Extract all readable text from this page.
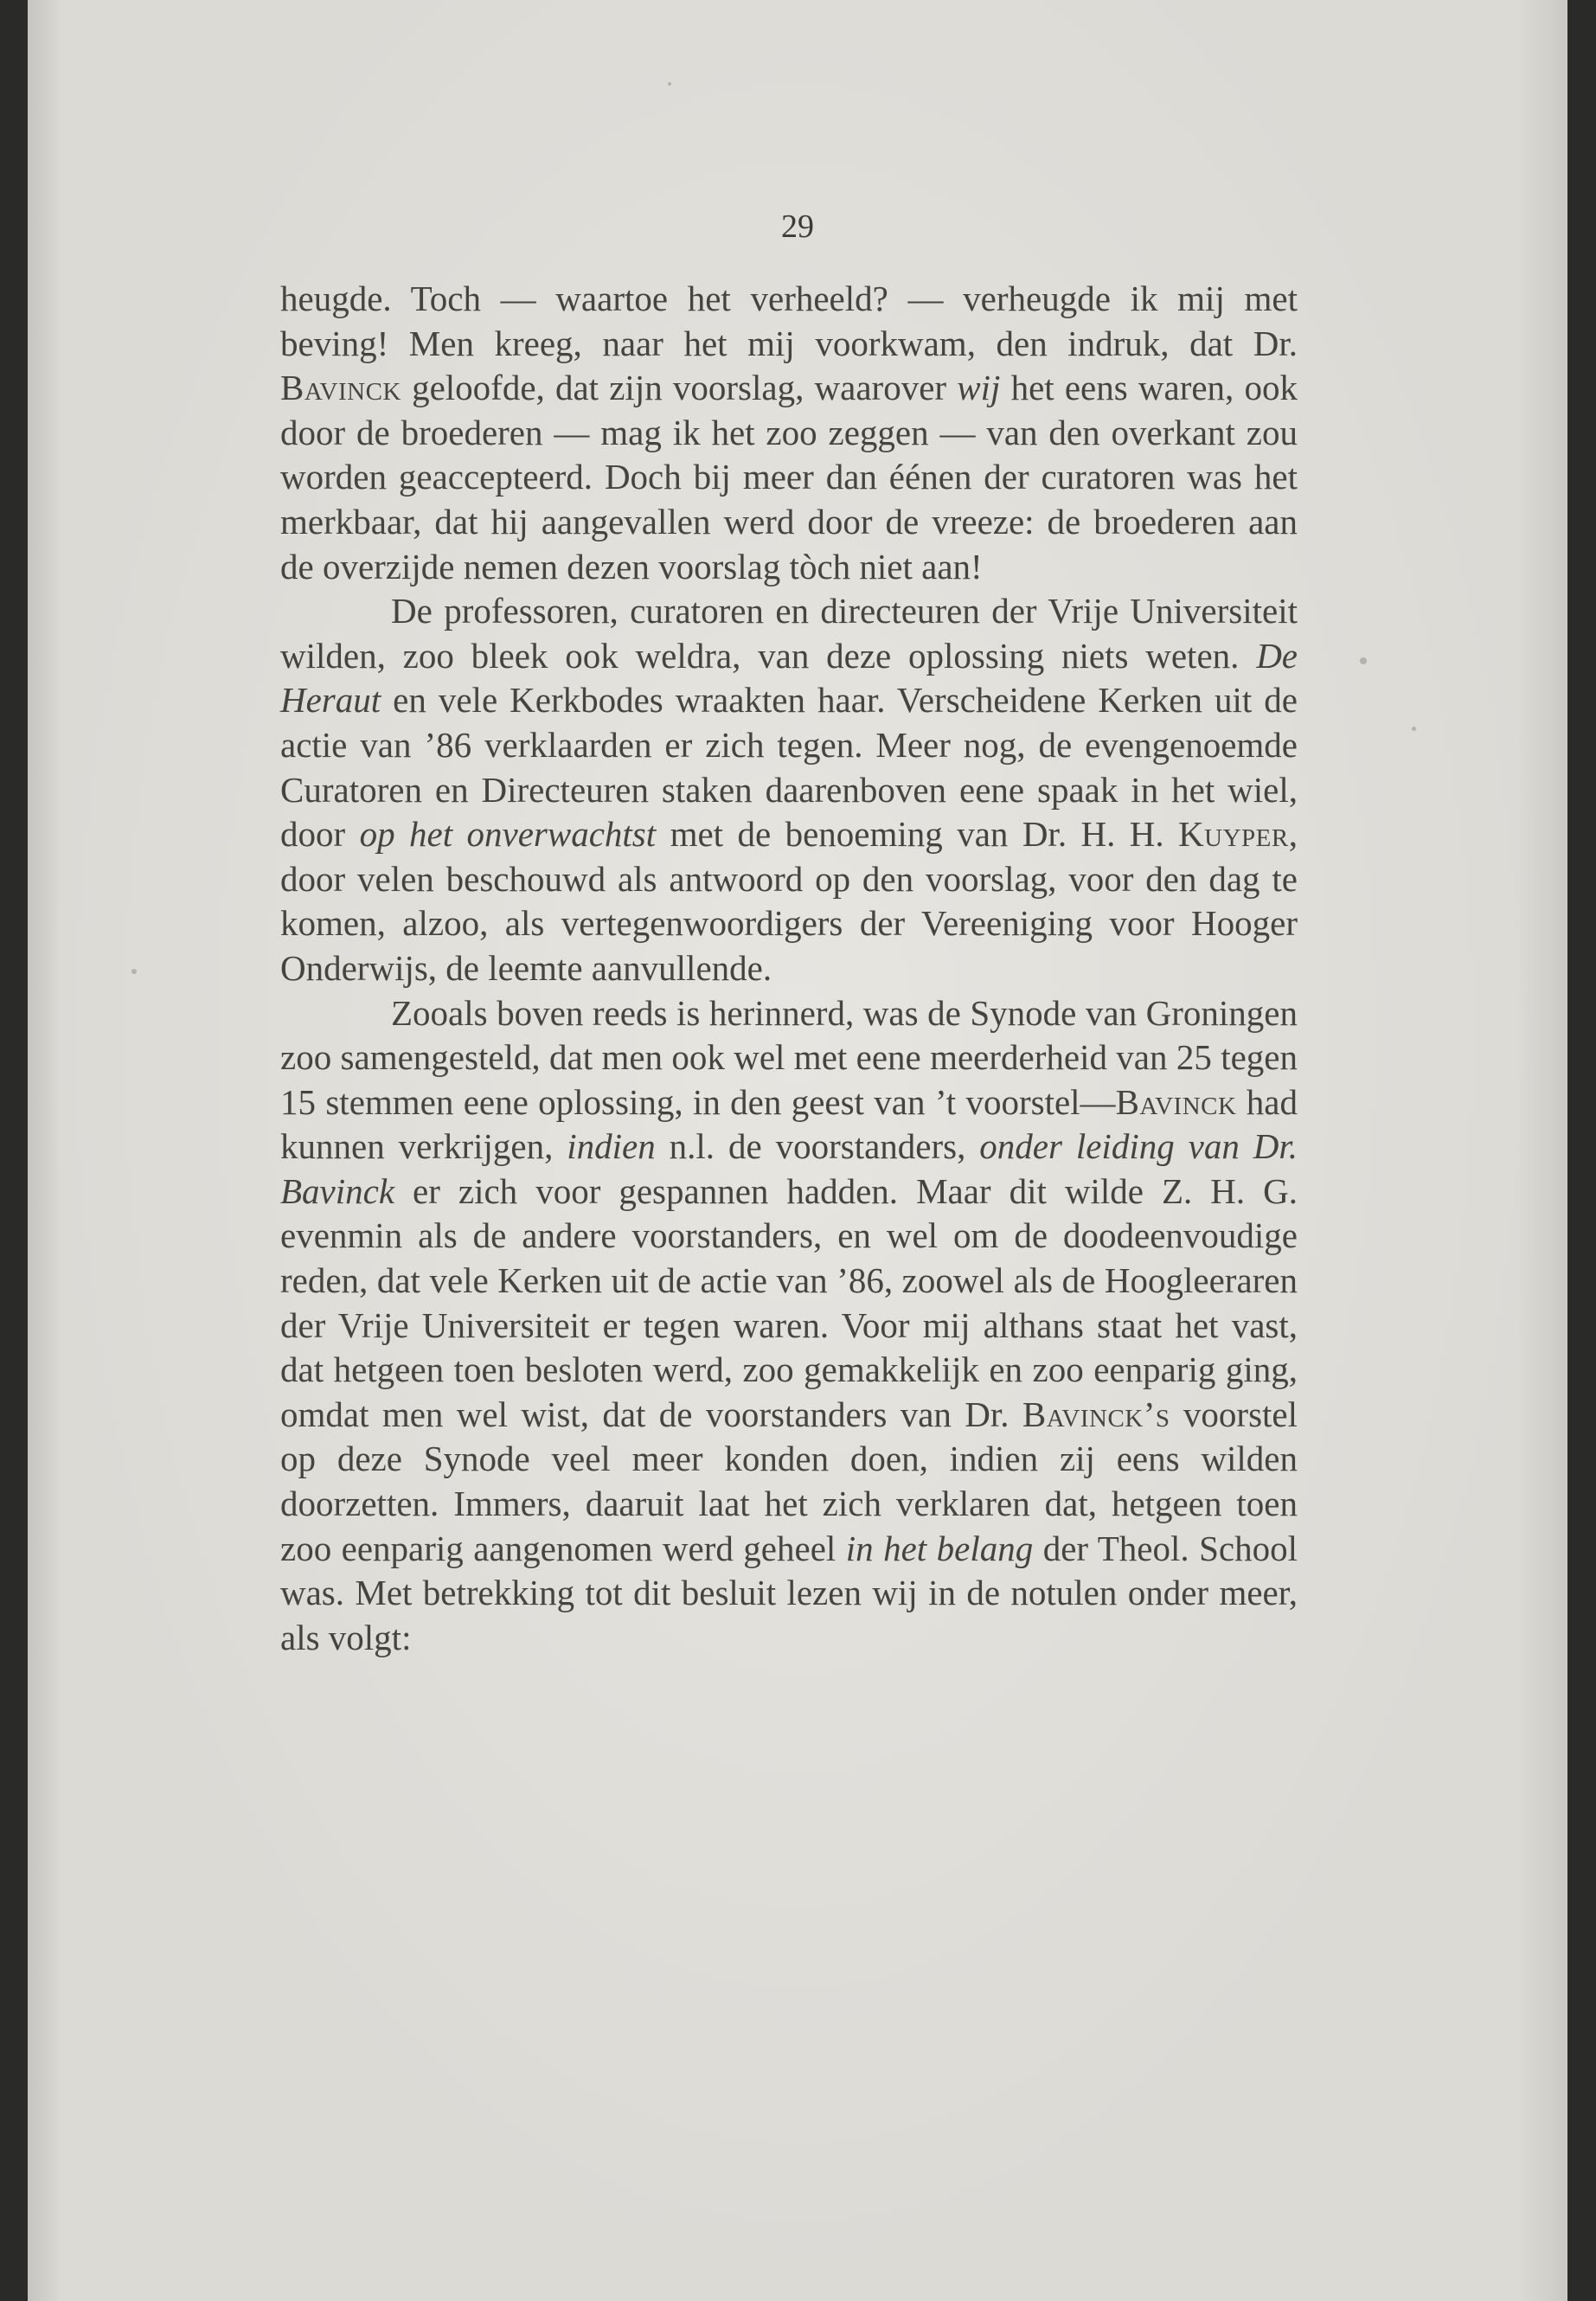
29

heugde. Toch — waartoe het verheeld? — verheugde ik mij met beving! Men kreeg, naar het mij voorkwam, den indruk, dat Dr. Bavinck geloofde, dat zijn voorslag, waarover wij het eens waren, ook door de broederen — mag ik het zoo zeggen — van den overkant zou worden geaccepteerd. Doch bij meer dan éénen der curatoren was het merkbaar, dat hij aangevallen werd door de vreeze: de broederen aan de overzijde nemen dezen voorslag tòch niet aan!

De professoren, curatoren en directeuren der Vrije Universiteit wilden, zoo bleek ook weldra, van deze oplossing niets weten. De Heraut en vele Kerkbodes wraakten haar. Verscheidene Kerken uit de actie van ’86 verklaarden er zich tegen. Meer nog, de evengenoemde Curatoren en Directeuren staken daarenboven eene spaak in het wiel, door op het onverwachtst met de benoeming van Dr. H. H. Kuyper, door velen beschouwd als antwoord op den voorslag, voor den dag te komen, alzoo, als vertegenwoordigers der Vereeniging voor Hooger Onderwijs, de leemte aanvullende.

Zooals boven reeds is herinnerd, was de Synode van Groningen zoo samengesteld, dat men ook wel met eene meerderheid van 25 tegen 15 stemmen eene oplossing, in den geest van ’t voorstel—Bavinck had kunnen verkrijgen, indien n.l. de voorstanders, onder leiding van Dr. Bavinck er zich voor gespannen hadden. Maar dit wilde Z. H. G. evenmin als de andere voorstanders, en wel om de doodeenvoudige reden, dat vele Kerken uit de actie van ’86, zoowel als de Hoogleeraren der Vrije Universiteit er tegen waren. Voor mij althans staat het vast, dat hetgeen toen besloten werd, zoo gemakkelijk en zoo eenparig ging, omdat men wel wist, dat de voorstanders van Dr. Bavinck’s voorstel op deze Synode veel meer konden doen, indien zij eens wilden doorzetten. Immers, daaruit laat het zich verklaren dat, hetgeen toen zoo eenparig aangenomen werd geheel in het belang der Theol. School was. Met betrekking tot dit besluit lezen wij in de notulen onder meer, als volgt:
